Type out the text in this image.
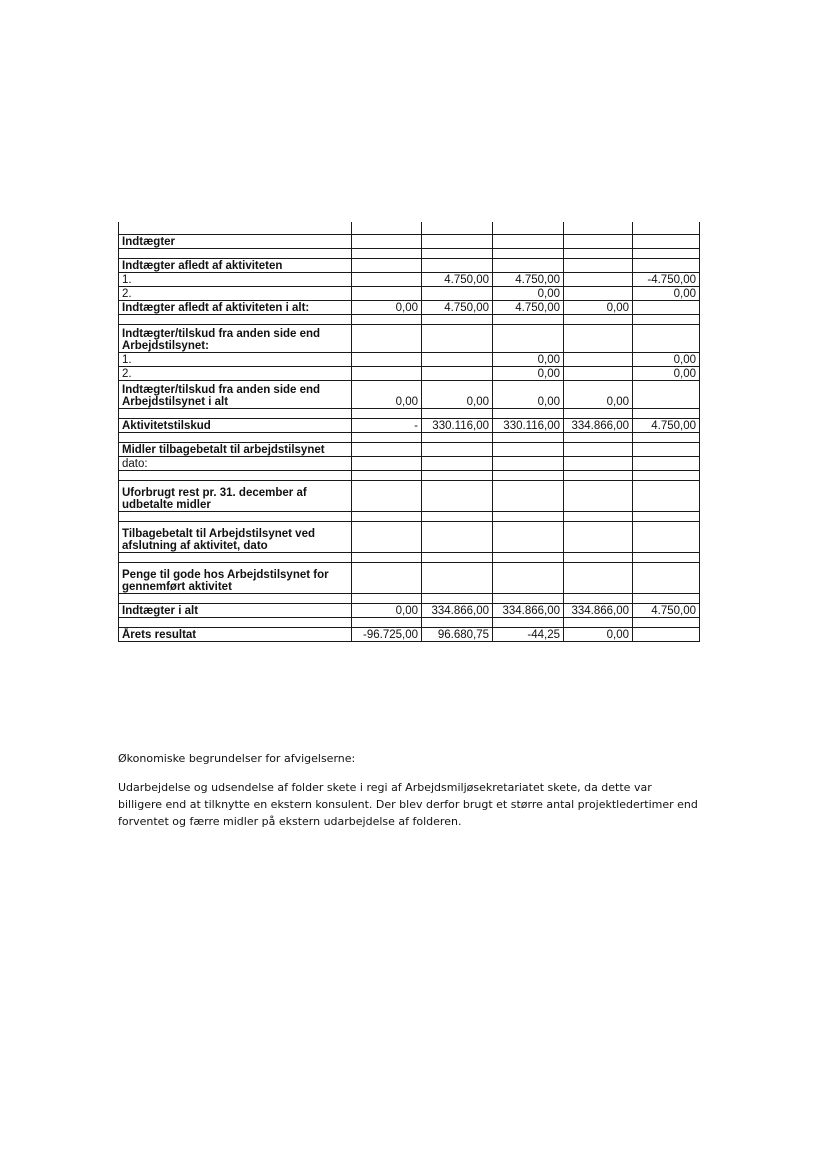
Indtægter					

Indtægter afledt af aktiviteten					
1.		4.750,00	4.750,00		-4.750,00
2.			0,00		0,00
Indtægter afledt af aktiviteten i alt:	0,00	4.750,00	4.750,00	0,00	

Indtægter/tilskud fra anden side end Arbejdstilsynet:					
1.			0,00		0,00
2.			0,00		0,00
Indtægter/tilskud fra anden side end Arbejdstilsynet i alt	0,00	0,00	0,00	0,00	

Aktivitetstilskud	-	330.116,00	330.116,00	334.866,00	4.750,00

Midler tilbagebetalt til arbejdstilsynet					
dato:					

Uforbrugt rest pr. 31. december af udbetalte midler					

Tilbagebetalt til Arbejdstilsynet ved afslutning af aktivitet, dato					

Penge til gode hos Arbejdstilsynet for gennemført aktivitet					

Indtægter i alt	0,00	334.866,00	334.866,00	334.866,00	4.750,00

Årets resultat	-96.725,00	96.680,75	-44,25	0,00	

Økonomiske begrundelser for afvigelserne:

Udarbejdelse og udsendelse af folder skete i regi af Arbejdsmiljøsekretariatet skete, da dette var billigere end at tilknytte en ekstern konsulent. Der blev derfor brugt et større antal projektledertimer end forventet og færre midler på ekstern udarbejdelse af folderen.
